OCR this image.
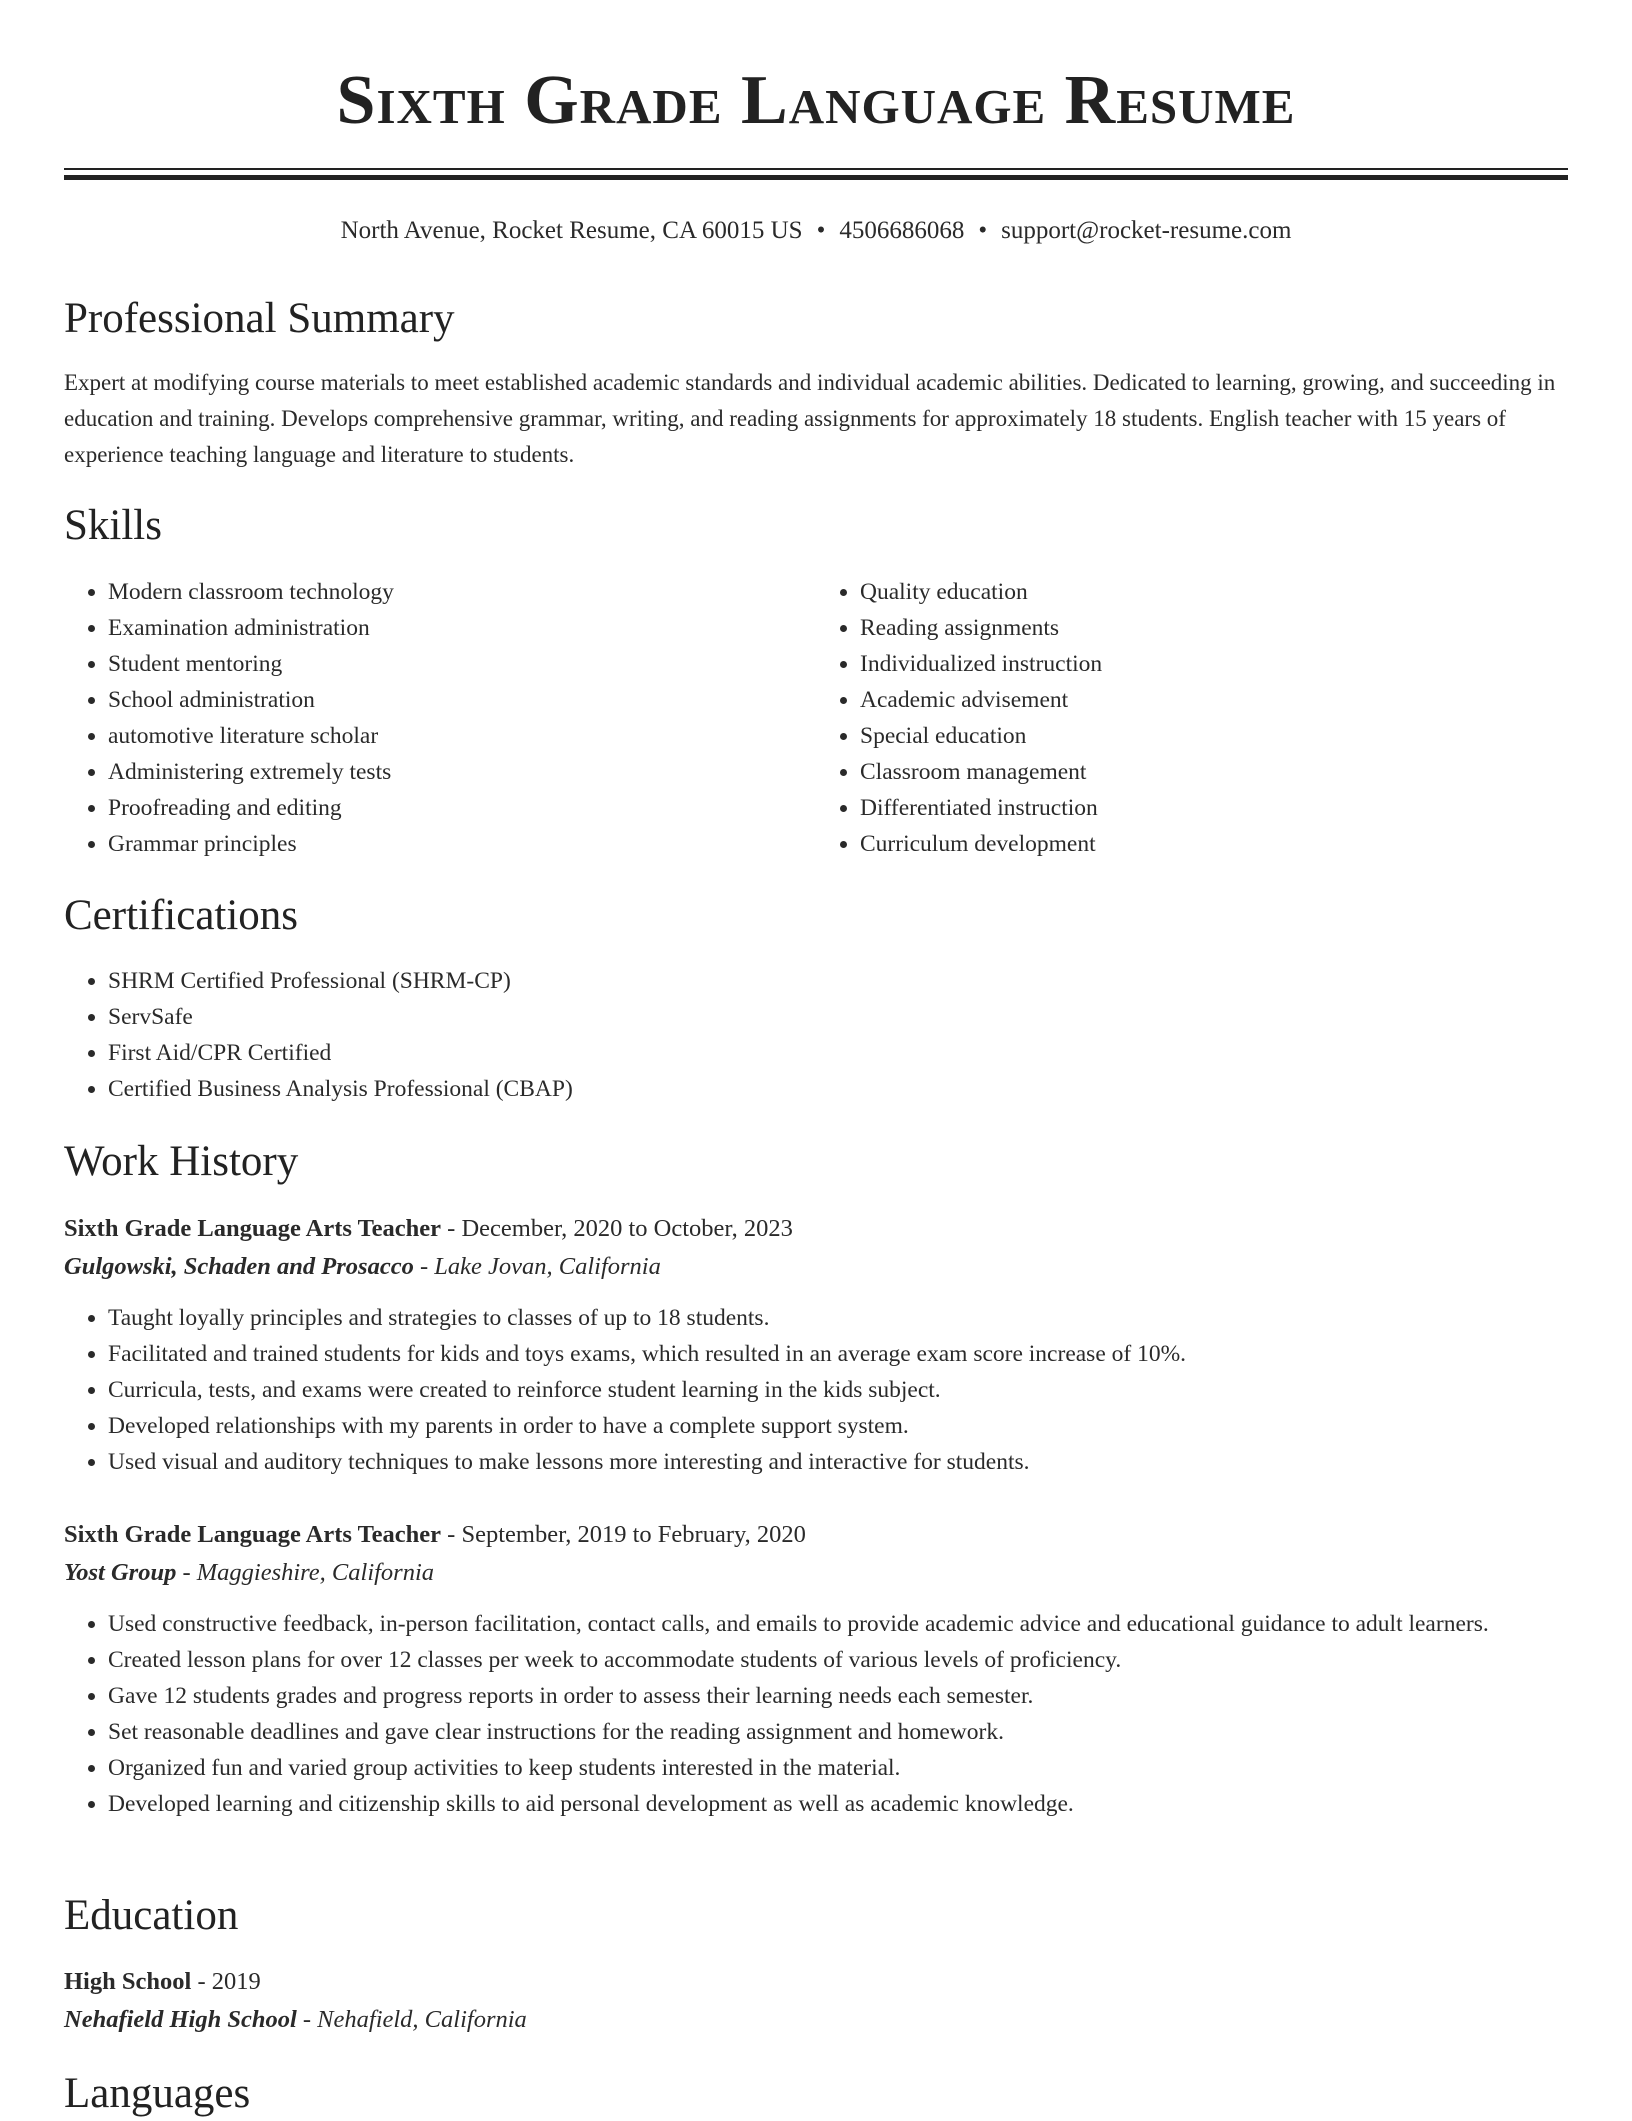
Sixth Grade Language Resume
North Avenue, Rocket Resume, CA 60015 US • 4506686068 • support@rocket-resume.com
Professional Summary
Expert at modifying course materials to meet established academic standards and individual academic abilities. Dedicated to learning, growing, and succeeding in education and training. Develops comprehensive grammar, writing, and reading assignments for approximately 18 students. English teacher with 15 years of experience teaching language and literature to students.
Skills
• Modern classroom technology
• Examination administration
• Student mentoring
• School administration
• automotive literature scholar
• Administering extremely tests
• Proofreading and editing
• Grammar principles
• Quality education
• Reading assignments
• Individualized instruction
• Academic advisement
• Special education
• Classroom management
• Differentiated instruction
• Curriculum development
Certifications
• SHRM Certified Professional (SHRM-CP)
• ServSafe
• First Aid/CPR Certified
• Certified Business Analysis Professional (CBAP)
Work History
Sixth Grade Language Arts Teacher - December, 2020 to October, 2023
Gulgowski, Schaden and Prosacco - Lake Jovan, California
• Taught loyally principles and strategies to classes of up to 18 students.
• Facilitated and trained students for kids and toys exams, which resulted in an average exam score increase of 10%.
• Curricula, tests, and exams were created to reinforce student learning in the kids subject.
• Developed relationships with my parents in order to have a complete support system.
• Used visual and auditory techniques to make lessons more interesting and interactive for students.
Sixth Grade Language Arts Teacher - September, 2019 to February, 2020
Yost Group - Maggieshire, California
• Used constructive feedback, in-person facilitation, contact calls, and emails to provide academic advice and educational guidance to adult learners.
• Created lesson plans for over 12 classes per week to accommodate students of various levels of proficiency.
• Gave 12 students grades and progress reports in order to assess their learning needs each semester.
• Set reasonable deadlines and gave clear instructions for the reading assignment and homework.
• Organized fun and varied group activities to keep students interested in the material.
• Developed learning and citizenship skills to aid personal development as well as academic knowledge.
Education
High School - 2019
Nehafield High School - Nehafield, California
Languages
